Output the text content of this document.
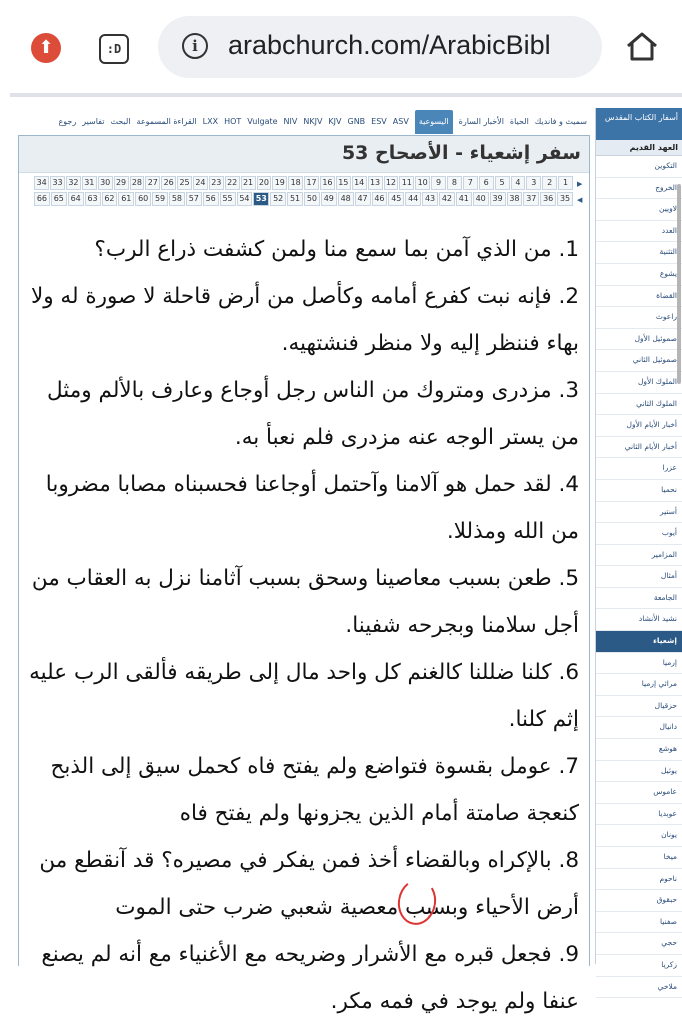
⬆	:D	i	arabchurch.com/ArabicBibl
سميث و فانديكالحياةالأخبار السارةاليسوعيةASVESVGNBKJVNKJVNIVVulgateHOTLXXالقراءة المسموعةالبحثتفاسيررجوع
سفر إشعياء - الأصحاح 53
▶
◀
1
2
3
4
5
6
7
8
9
10
11
12
13
14
15
16
17
18
19
20
21
22
23
24
25
26
27
28
29
30
31
32
33
34
35
36
37
38
39
40
41
42
43
44
45
46
47
48
49
50
51
52
53
54
55
56
57
58
59
60
61
62
63
64
65
66

1. من الذي آمن بما سمع منا ولمن كشفت ذراع الرب؟

2. فإنه نبت كفرع أمامه وكأصل من أرض قاحلة لا صورة له ولا بهاء فننظر إليه ولا منظر فنشتهيه.

3. مزدرى ومتروك من الناس رجل أوجاع وعارف بالألم ومثل من يستر الوجه عنه مزدرى فلم نعبأ به.

4. لقد حمل هو آلامنا وآحتمل أوجاعنا فحسبناه مصابا مضروبا من الله ومذللا.

5. طعن بسبب معاصينا وسحق بسبب آثامنا نزل به العقاب من أجل سلامنا وبجرحه شفينا.

6. كلنا ضللنا كالغنم كل واحد مال إلى طريقه فألقى الرب عليه إثم كلنا.

7. عومل بقسوة فتواضع ولم يفتح فاه كحمل سيق إلى الذبح كنعجة صامتة أمام الذين يجزونها ولم يفتح فاه

8. بالإكراه وبالقضاء أخذ فمن يفكر في مصيره؟ قد آنقطع من أرض الأحياء وبسبب معصية شعبي ضرب حتى الموت

9. فجعل قبره مع الأشرار وضريحه مع الأغنياء مع أنه لم يصنع عنفا ولم يوجد في فمه مكر.

أسفار الكتاب المقدس
العهد القديم
التكوين
الخروج
لاويين
العدد
التثنية
يشوع
القضاة
راعوث
صموئيل الأول
صموئيل الثاني
الملوك الأول
الملوك الثاني
أخبار الأيام الأول
أخبار الأيام الثاني
عزرا
نحميا
أستير
أيوب
المزامير
أمثال
الجامعة
نشيد الأنشاد
إشعياء
إرميا
مراثي إرميا
حزقيال
دانيال
هوشع
يوئيل
عاموس
عوبديا
يونان
ميخا
ناحوم
حبقوق
صفنيا
حجي
زكريا
ملاخي
